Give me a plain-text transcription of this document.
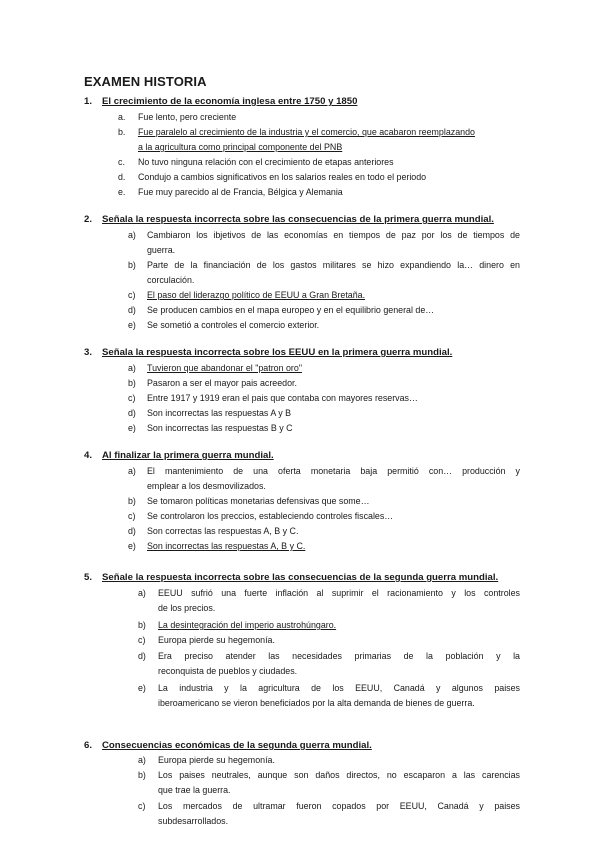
EXAMEN HISTORIA
1. El crecimiento de la economía inglesa entre 1750 y 1850
a. Fue lento, pero creciente
b. Fue paralelo al crecimiento de la industria y el comercio, que acabaron reemplazando
a la agricultura como principal componente del PNB
c. No tuvo ninguna relación con el crecimiento de etapas anteriores
d. Condujo a cambios significativos en los salarios reales en todo el periodo
e. Fue muy parecido al de Francia, Bélgica y Alemania
2. Señala la respuesta incorrecta sobre las consecuencias de la primera guerra mundial.
a) Cambiaron los ibjetivos de las economías en tiempos de paz por los de tiempos de
guerra.
b) Parte de la financiación de los gastos militares se hizo expandiendo la… dinero en
corculación.
c) El paso del liderazgo político de EEUU a Gran Bretaña.
d) Se producen cambios en el mapa europeo y en el equilibrio general de…
e) Se sometió a controles el comercio exterior.
3. Señala la respuesta incorrecta sobre los EEUU en la primera guerra mundial.
a) Tuvieron que abandonar el "patron oro"
b) Pasaron a ser el mayor pais acreedor.
c) Entre 1917 y 1919 eran el pais que contaba con mayores reservas…
d) Son incorrectas las respuestas A y B
e) Son incorrectas las respuestas B y C
4. Al finalizar la primera guerra mundial.
a) El mantenimiento de una oferta monetaria baja permitió con… producción y
emplear a los desmovilizados.
b) Se tomaron políticas monetarias defensivas que some…
c) Se controlaron los preccios, estableciendo controles fiscales…
d) Son correctas las respuestas A, B y C.
e) Son incorrectas las respuestas A, B y C.
5. Señale la respuesta incorrecta sobre las consecuencias de la segunda guerra mundial.
a) EEUU sufrió una fuerte inflación al suprimir el racionamiento y los controles
de los precios.
b) La desintegración del imperio austrohúngaro.
c) Europa pierde su hegemonía.
d) Era preciso atender las necesidades primarias de la población y la
reconquista de pueblos y ciudades.
e) La industria y la agricultura de los EEUU, Canadá y algunos paises
iberoamericano se vieron beneficiados por la alta demanda de bienes de guerra.
6. Consecuencias económicas de la segunda guerra mundial.
a) Europa pierde su hegemonía.
b) Los paises neutrales, aunque son daños directos, no escaparon a las carencias
que trae la guerra.
c) Los mercados de ultramar fueron copados por EEUU, Canadá y paises
subdesarrollados.
